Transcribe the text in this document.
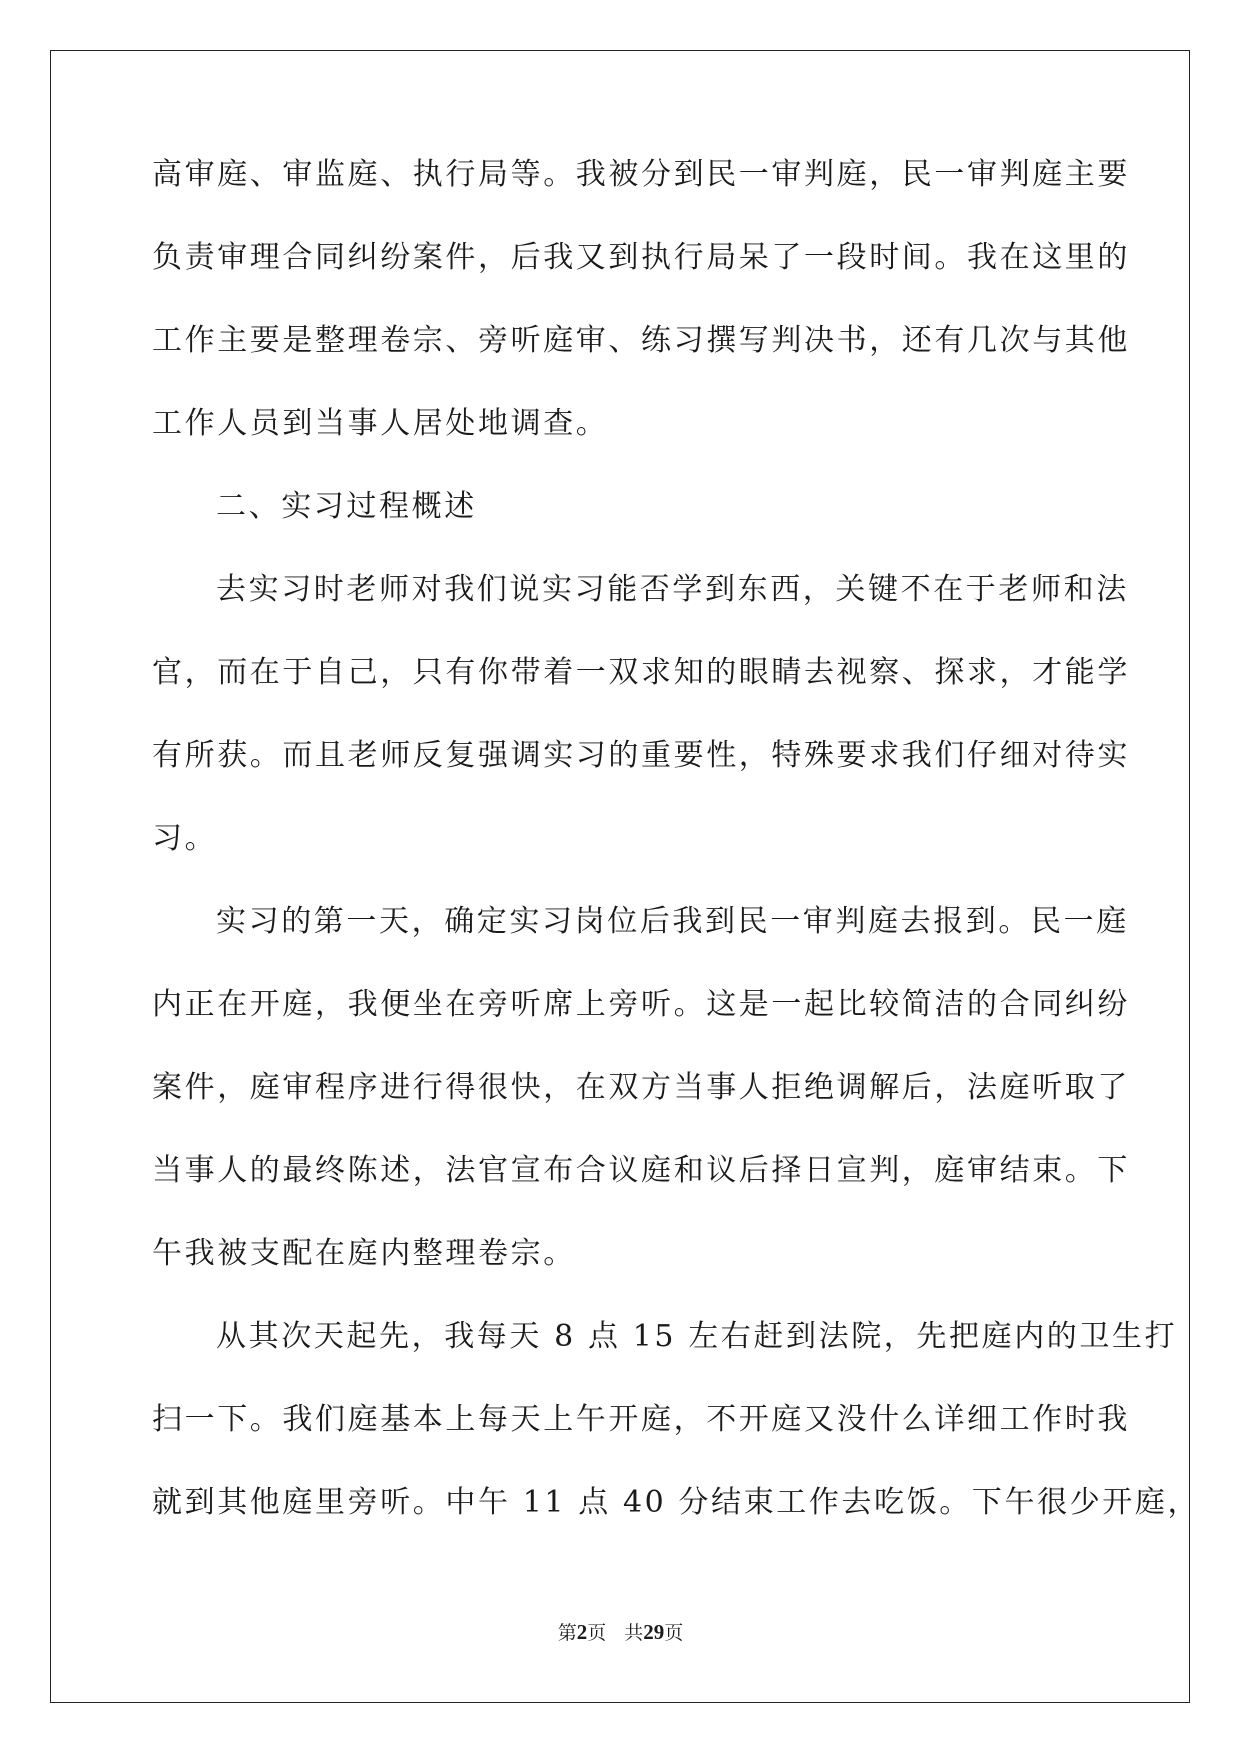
高审庭、审监庭、执行局等。我被分到民一审判庭，民一审判庭主要
负责审理合同纠纷案件，后我又到执行局呆了一段时间。我在这里的
工作主要是整理卷宗、旁听庭审、练习撰写判决书，还有几次与其他
工作人员到当事人居处地调查。
二、实习过程概述
去实习时老师对我们说实习能否学到东西，关键不在于老师和法
官，而在于自己，只有你带着一双求知的眼睛去视察、探求，才能学
有所获。而且老师反复强调实习的重要性，特殊要求我们仔细对待实
习。
实习的第一天，确定实习岗位后我到民一审判庭去报到。民一庭
内正在开庭，我便坐在旁听席上旁听。这是一起比较简洁的合同纠纷
案件，庭审程序进行得很快，在双方当事人拒绝调解后，法庭听取了
当事人的最终陈述，法官宣布合议庭和议后择日宣判，庭审结束。下
午我被支配在庭内整理卷宗。
从其次天起先，我每天 8 点 15 左右赶到法院，先把庭内的卫生打
扫一下。我们庭基本上每天上午开庭，不开庭又没什么详细工作时我
就到其他庭里旁听。中午 11 点 40 分结束工作去吃饭。下午很少开庭，
第2页 共29页
